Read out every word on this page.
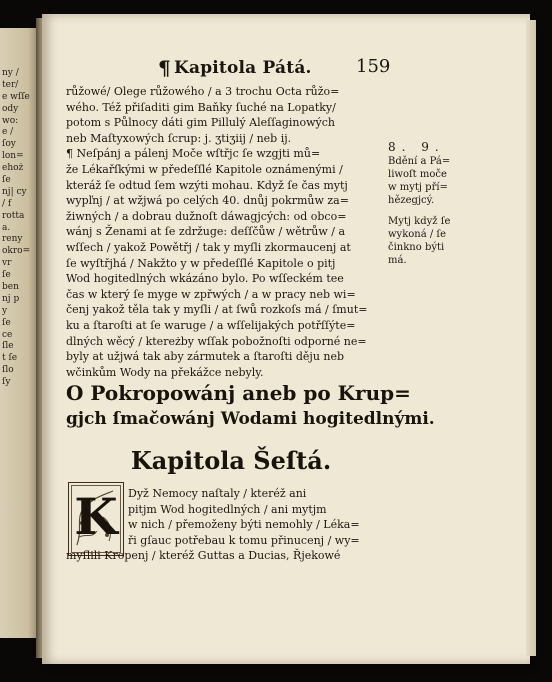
ny /
ter/
e wſſe
ody
wo:
e /
ſoy
lon=
ehoż
ſe
nj| cy
/ f
rotta
a.
reny
okro=
vr
ſe
ben
nj p
y
ſe
ce
ſle
t ſe
ſlo
ſy
¶ Kapitola Pátá. 159
růžowé/ Olege růžowého / a 3 trochu Octa růžo=
wého. Též přiſaditi gim Baňky ſuché na Lopatky/
potom s Půlnocy dáti gim Pillulý Aleſſaginowých
neb Maſtyxowých ſcrup: j. ʒtiʒiij / neb ij.
¶ Neſpánj a pálenj Moče wſtřjc ſe wzgjti mů=
že Lékařſkými w předeſſlé Kapitole oznámenými /
kteráž ſe odtud ſem wzýti mohau. Když ſe čas mytj
wypľnj / at wžjwá po celých 40. dnůj pokrmůw za=
žiwných / a dobrau dužnoſt dáwagjcých: od obco=
wánj s Ženami at ſe zdržuge: deſſčůw / wětrůw / a
wſſech / yakož Powětřj / tak y myſli zkormaucenj at
ſe wyſtřjhá / Nakžto y w předeſſlé Kapitole o pitj
Wod hogitedlných wkázáno bylo. Po wſſeckém tee
čas w který ſe myge w zpřwých / a w pracy neb wi=
čenj yakož těla tak y myſli / at ſwů rozkoſs má / ſmut=
ku a ſtaroſti at ſe waruge / a wſſelijakých potřſſýte=
dlných wěcý / ktereżby wſſak pobožnoſti odporné ne=
byly at užjwá tak aby zármutek a ſtaroſti děju neb
wčinkům Wody na překážce nebyly.
8. 9.
Bdění a Pá=
liwoſt moče
w mytj pří=
hězegjcý.
Mytj když ſe
wykoná / ſe
činkno býti
má.
O Pokropowánj aneb po Krup=
gjch ſmačowánj Wodami hogitedlnými.
Kapitola Šeſtá.
K Dyž Nemocy naſtaly / kteréž ani
pitjm Wod hogitedlných / ani mytjm
w nich / přemoženy býti nemohly / Léka=
ři gſauc potřebau k tomu přinucenj / wy=
myſlili Kropenj / kteréž Guttas a Ducias, Řjekowé
